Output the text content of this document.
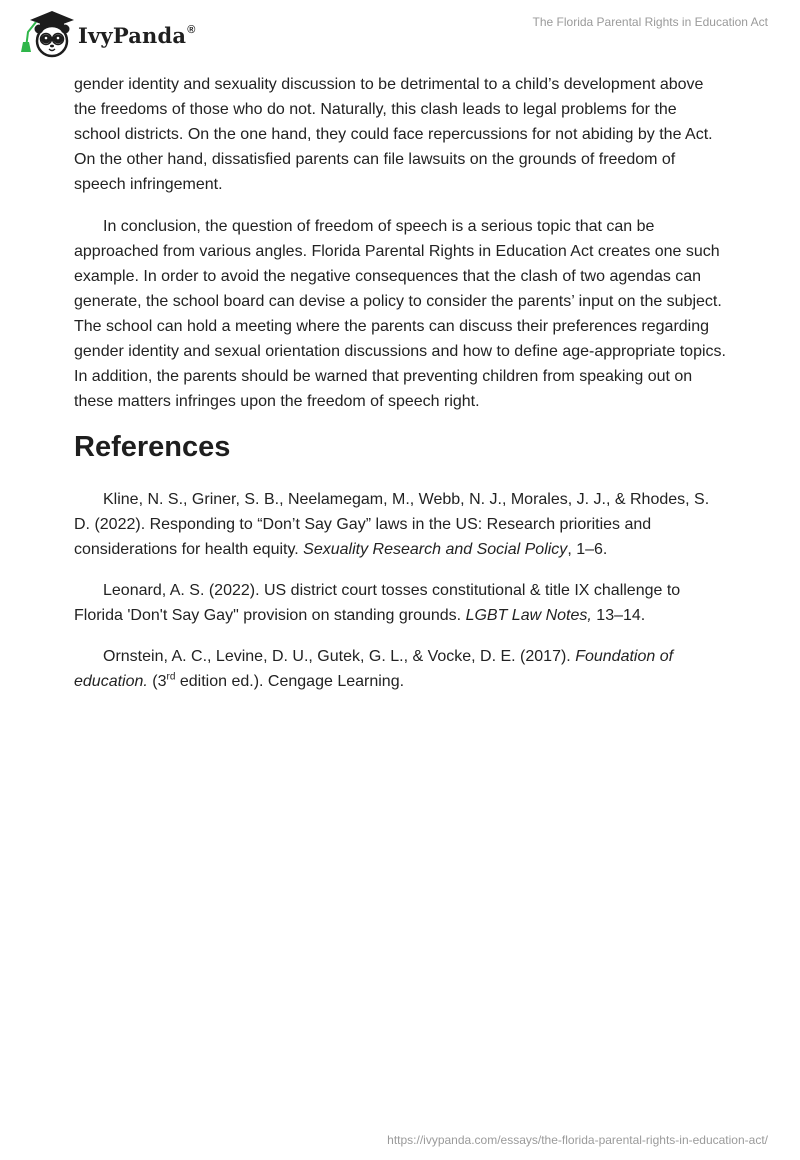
IvyPanda®
The Florida Parental Rights in Education Act

gender identity and sexuality discussion to be detrimental to a child’s development above the freedoms of those who do not. Naturally, this clash leads to legal problems for the school districts. On the one hand, they could face repercussions for not abiding by the Act. On the other hand, dissatisfied parents can file lawsuits on the grounds of freedom of speech infringement.

In conclusion, the question of freedom of speech is a serious topic that can be approached from various angles. Florida Parental Rights in Education Act creates one such example. In order to avoid the negative consequences that the clash of two agendas can generate, the school board can devise a policy to consider the parents’ input on the subject. The school can hold a meeting where the parents can discuss their preferences regarding gender identity and sexual orientation discussions and how to define age-appropriate topics. In addition, the parents should be warned that preventing children from speaking out on these matters infringes upon the freedom of speech right.

References

Kline, N. S., Griner, S. B., Neelamegam, M., Webb, N. J., Morales, J. J., & Rhodes, S. D. (2022). Responding to “Don’t Say Gay” laws in the US: Research priorities and considerations for health equity. Sexuality Research and Social Policy, 1–6.

Leonard, A. S. (2022). US district court tosses constitutional & title IX challenge to Florida 'Don't Say Gay" provision on standing grounds. LGBT Law Notes, 13–14.

Ornstein, A. C., Levine, D. U., Gutek, G. L., & Vocke, D. E. (2017). Foundation of education. (3rd edition ed.). Cengage Learning.

https://ivypanda.com/essays/the-florida-parental-rights-in-education-act/
